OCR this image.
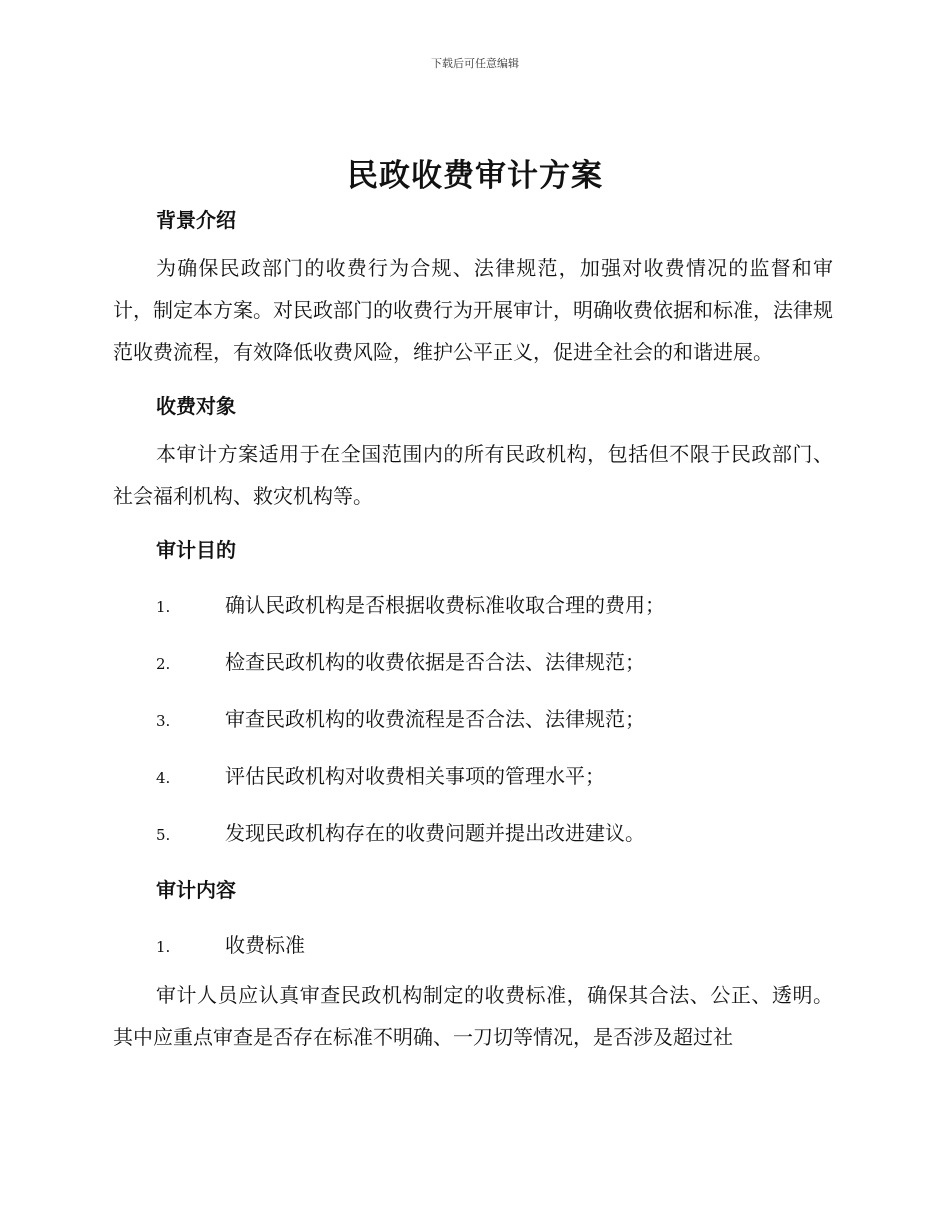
下载后可任意编辑
民政收费审计方案
背景介绍

为确保民政部门的收费行为合规、法律规范，加强对收费情况的监督和审计，制定本方案。对民政部门的收费行为开展审计，明确收费依据和标准，法律规范收费流程，有效降低收费风险，维护公平正义，促进全社会的和谐进展。

收费对象

本审计方案适用于在全国范围内的所有民政机构，包括但不限于民政部门、社会福利机构、救灾机构等。

审计目的
1.	确认民政机构是否根据收费标准收取合理的费用；
2.	检查民政机构的收费依据是否合法、法律规范；
3.	审查民政机构的收费流程是否合法、法律规范；
4.	评估民政机构对收费相关事项的管理水平；
5.	发现民政机构存在的收费问题并提出改进建议。
审计内容
1.	收费标准

审计人员应认真审查民政机构制定的收费标准，确保其合法、公正、透明。其中应重点审查是否存在标准不明确、一刀切等情况，是否涉及超过社
